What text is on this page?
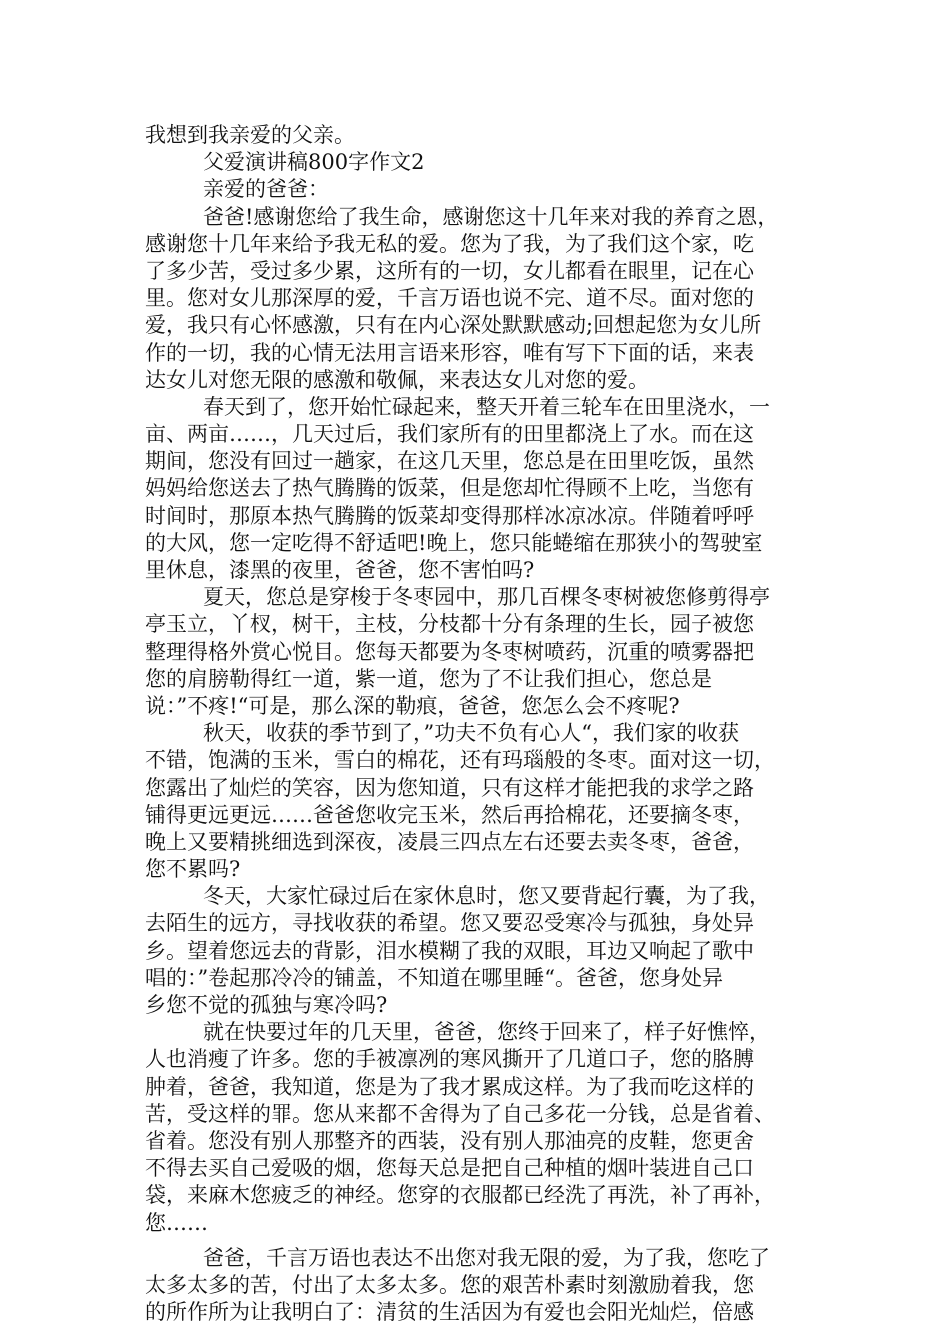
我想到我亲爱的父亲。
父爱演讲稿800字作文2
亲爱的爸爸：
爸爸!感谢您给了我生命，感谢您这十几年来对我的养育之恩，
感谢您十几年来给予我无私的爱。您为了我，为了我们这个家，吃
了多少苦，受过多少累，这所有的一切，女儿都看在眼里，记在心
里。您对女儿那深厚的爱，千言万语也说不完、道不尽。面对您的
爱，我只有心怀感激，只有在内心深处默默感动;回想起您为女儿所
作的一切，我的心情无法用言语来形容，唯有写下下面的话，来表
达女儿对您无限的感激和敬佩，来表达女儿对您的爱。
春天到了，您开始忙碌起来，整天开着三轮车在田里浇水，一
亩、两亩……，几天过后，我们家所有的田里都浇上了水。而在这
期间，您没有回过一趟家，在这几天里，您总是在田里吃饭，虽然
妈妈给您送去了热气腾腾的饭菜，但是您却忙得顾不上吃，当您有
时间时，那原本热气腾腾的饭菜却变得那样冰凉冰凉。伴随着呼呼
的大风，您一定吃得不舒适吧!晚上，您只能蜷缩在那狭小的驾驶室
里休息，漆黑的夜里，爸爸，您不害怕吗?
夏天，您总是穿梭于冬枣园中，那几百棵冬枣树被您修剪得亭
亭玉立，丫杈，树干，主枝，分枝都十分有条理的生长，园子被您
整理得格外赏心悦目。您每天都要为冬枣树喷药，沉重的喷雾器把
您的肩膀勒得红一道，紫一道，您为了不让我们担心，您总是
说：”不疼!“可是，那么深的勒痕，爸爸，您怎么会不疼呢?
秋天，收获的季节到了，”功夫不负有心人“，我们家的收获
不错，饱满的玉米，雪白的棉花，还有玛瑙般的冬枣。面对这一切，
您露出了灿烂的笑容，因为您知道，只有这样才能把我的求学之路
铺得更远更远……爸爸您收完玉米，然后再拾棉花，还要摘冬枣，
晚上又要精挑细选到深夜，凌晨三四点左右还要去卖冬枣，爸爸，
您不累吗?
冬天，大家忙碌过后在家休息时，您又要背起行囊，为了我，
去陌生的远方，寻找收获的希望。您又要忍受寒冷与孤独，身处异
乡。望着您远去的背影，泪水模糊了我的双眼，耳边又响起了歌中
唱的：”卷起那冷冷的铺盖，不知道在哪里睡“。爸爸，您身处异
乡您不觉的孤独与寒冷吗?
就在快要过年的几天里，爸爸，您终于回来了，样子好憔悴，
人也消瘦了许多。您的手被凛冽的寒风撕开了几道口子，您的胳膊
肿着，爸爸，我知道，您是为了我才累成这样。为了我而吃这样的
苦，受这样的罪。您从来都不舍得为了自己多花一分钱，总是省着、
省着。您没有别人那整齐的西装，没有别人那油亮的皮鞋，您更舍
不得去买自己爱吸的烟，您每天总是把自己种植的烟叶装进自己口
袋，来麻木您疲乏的神经。您穿的衣服都已经洗了再洗，补了再补，
您……
爸爸，千言万语也表达不出您对我无限的爱，为了我，您吃了
太多太多的苦，付出了太多太多。您的艰苦朴素时刻激励着我，您
的所作所为让我明白了：清贫的生活因为有爱也会阳光灿烂，倍感
